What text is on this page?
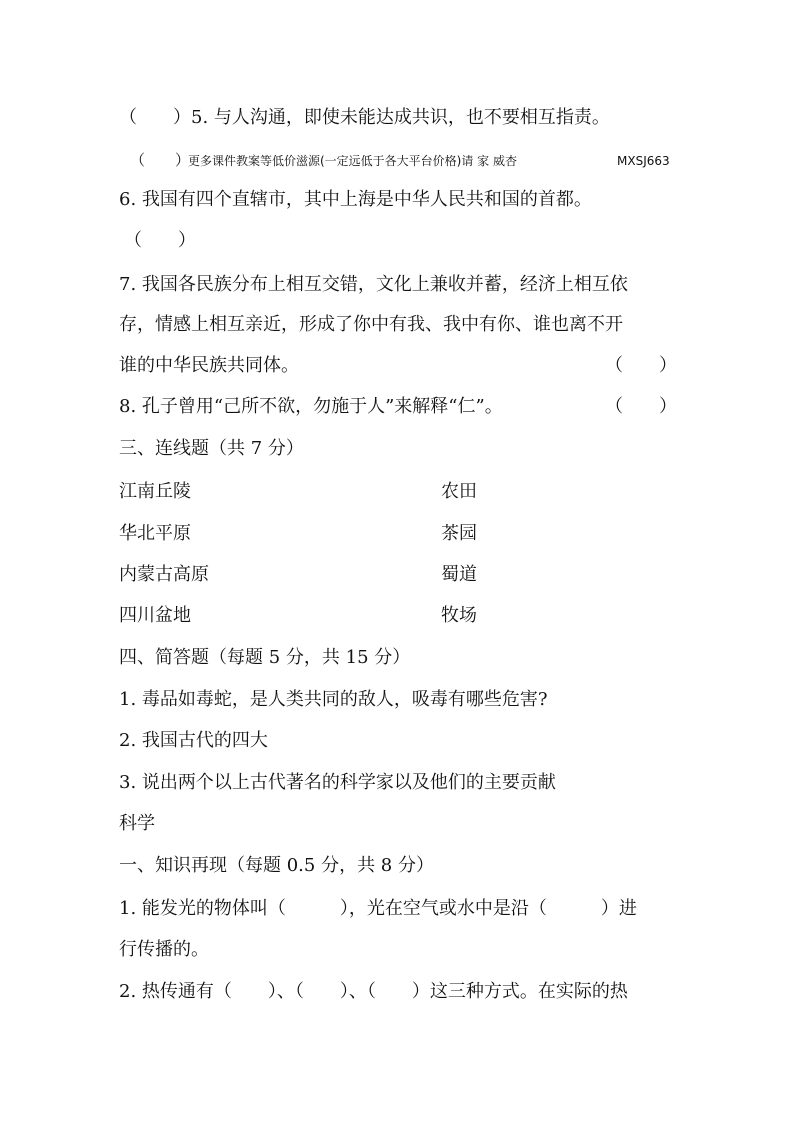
（　　）5. 与人沟通，即使未能达成共识，也不要相互指责。

（　　）

更多课件教案等低价滋源(一定远低于各大平台价格)请 家 威杏	MXSJ663

6. 我国有四个直辖市，其中上海是中华人民共和国的首都。

（　　）

7. 我国各民族分布上相互交错，文化上兼收并蓄，经济上相互依

存，情感上相互亲近，形成了你中有我、我中有你、谁也离不开

谁的中华民族共同体。	（　　）

8. 孔子曾用“己所不欲，勿施于人”来解释“仁”。	（　　）

三、连线题（共 7 分）

江南丘陵	农田

华北平原	茶园

内蒙古高原	蜀道

四川盆地	牧场

四、简答题（每题 5 分，共 15 分）

1. 毒品如毒蛇，是人类共同的敌人，吸毒有哪些危害?

2. 我国古代的四大

3. 说出两个以上古代著名的科学家以及他们的主要贡献

科学

一、知识再现（每题 0.5 分，共 8 分）

1. 能发光的物体叫（　　　），光在空气或水中是沿（　　　）进

行传播的。

2. 热传通有（　　）、（　　）、（　　）这三种方式。在实际的热
